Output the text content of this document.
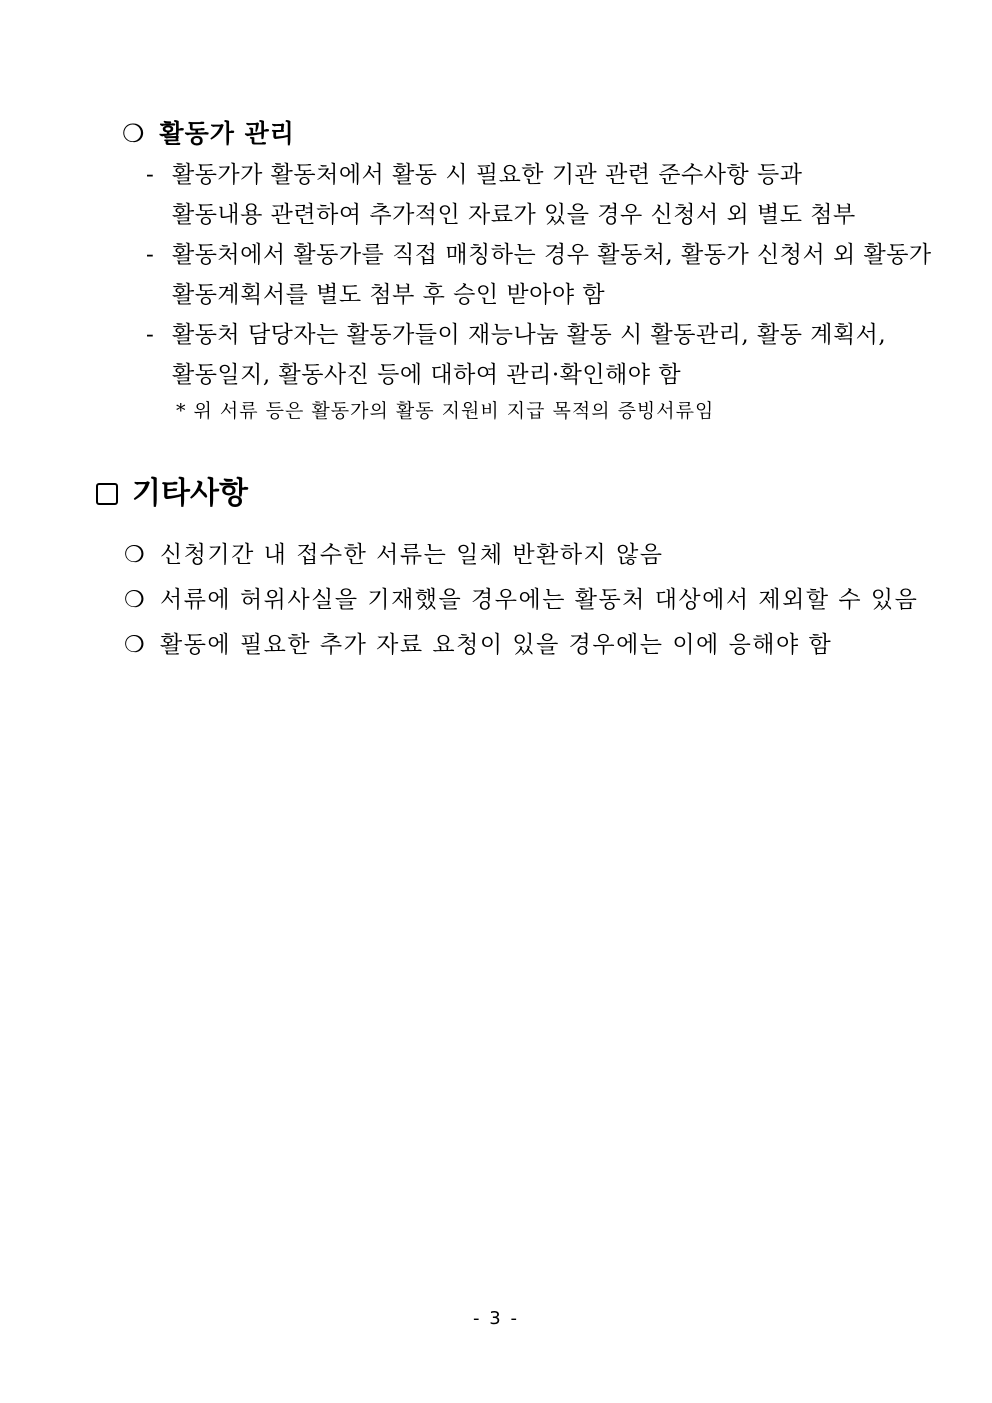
❍ 활동가 관리
- 활동가가 활동처에서 활동 시 필요한 기관 관련 준수사항 등과
활동내용 관련하여 추가적인 자료가 있을 경우 신청서 외 별도 첨부
- 활동처에서 활동가를 직접 매칭하는 경우 활동처, 활동가 신청서 외 활동가
활동계획서를 별도 첨부 후 승인 받아야 함
- 활동처 담당자는 활동가들이 재능나눔 활동 시 활동관리, 활동 계획서,
활동일지, 활동사진 등에 대하여 관리·확인해야 함
* 위 서류 등은 활동가의 활동 지원비 지급 목적의 증빙서류임
기타사항
❍ 신청기간 내 접수한 서류는 일체 반환하지 않음
❍ 서류에 허위사실을 기재했을 경우에는 활동처 대상에서 제외할 수 있음
❍ 활동에 필요한 추가 자료 요청이 있을 경우에는 이에 응해야 함
- 3 -
